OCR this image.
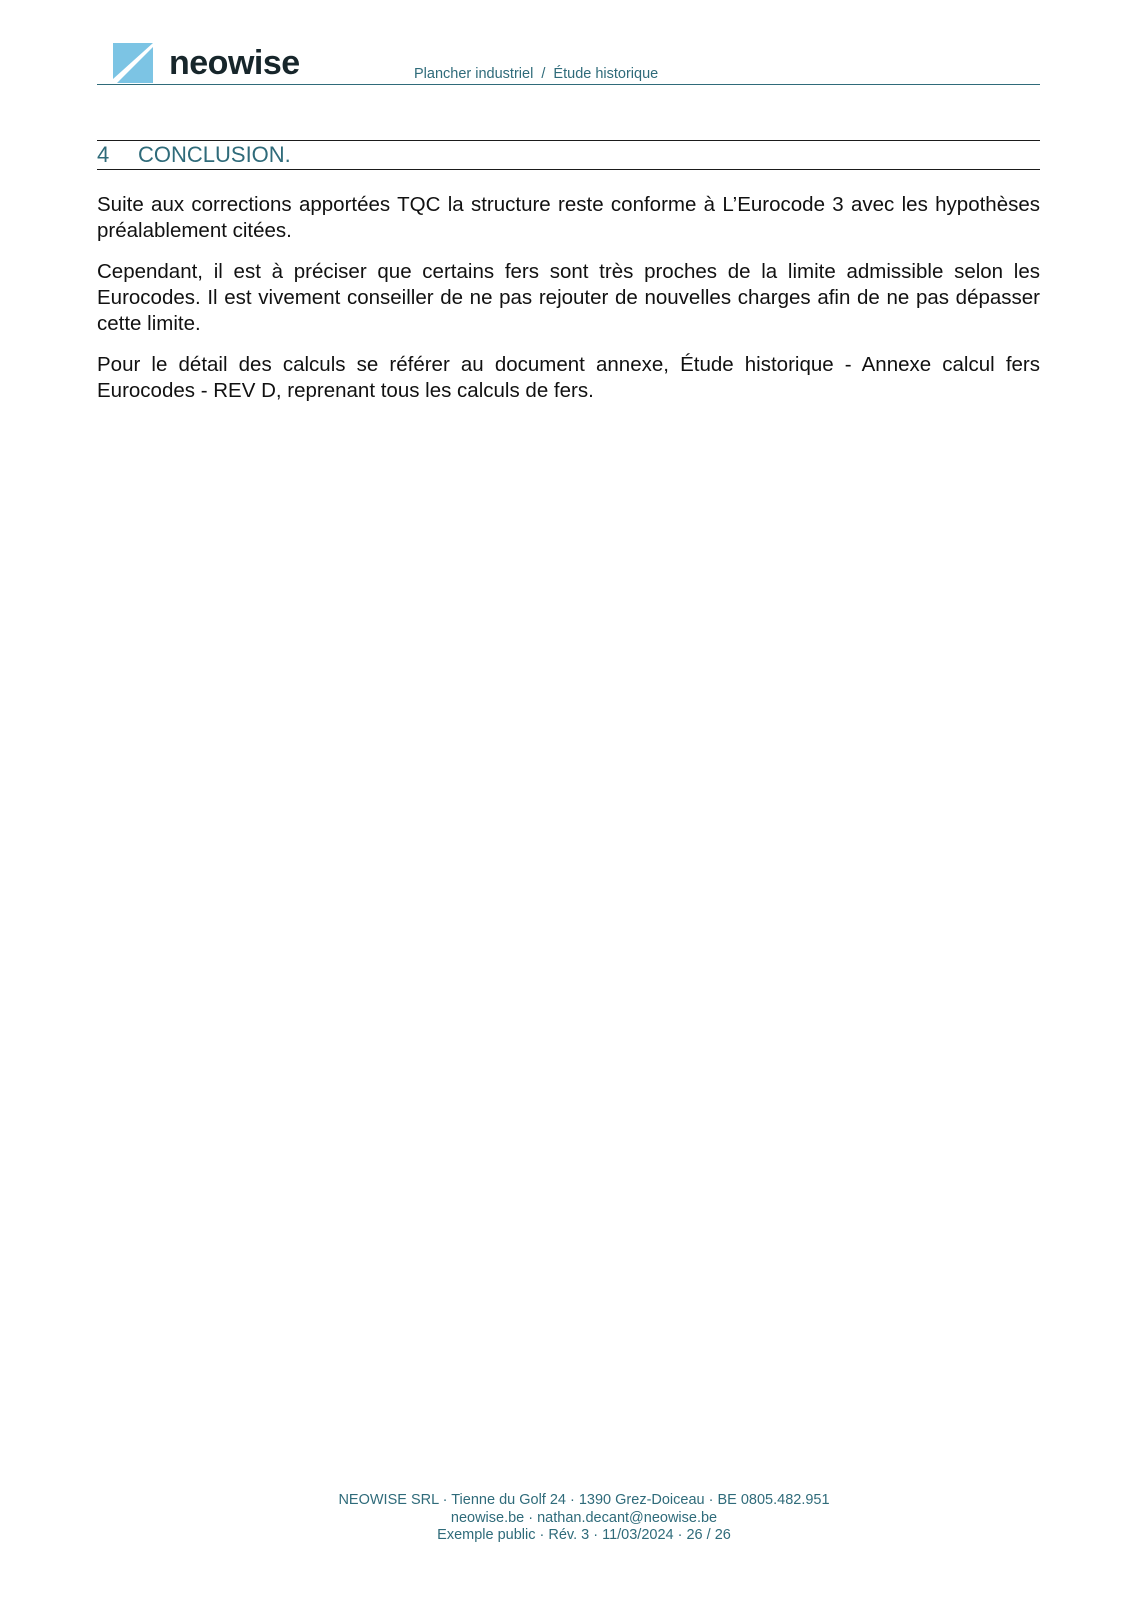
neowise	Plancher industriel  /  Étude historique
4	CONCLUSION.

Suite aux corrections apportées TQC la structure reste conforme à L’Eurocode 3 avec les hypothèses préalablement citées.

Cependant, il est à préciser que certains fers sont très proches de la limite admissible selon les Eurocodes. Il est vivement conseiller de ne pas rejouter de nouvelles charges afin de ne pas dépasser cette limite.

Pour le détail des calculs se référer au document annexe, Étude historique - Annexe calcul fers Eurocodes - REV D, reprenant tous les calculs de fers.

NEOWISE SRL · Tienne du Golf 24 · 1390 Grez-Doiceau · BE 0805.482.951
neowise.be · nathan.decant@neowise.be
Exemple public · Rév. 3 · 11/03/2024 · 26 / 26
